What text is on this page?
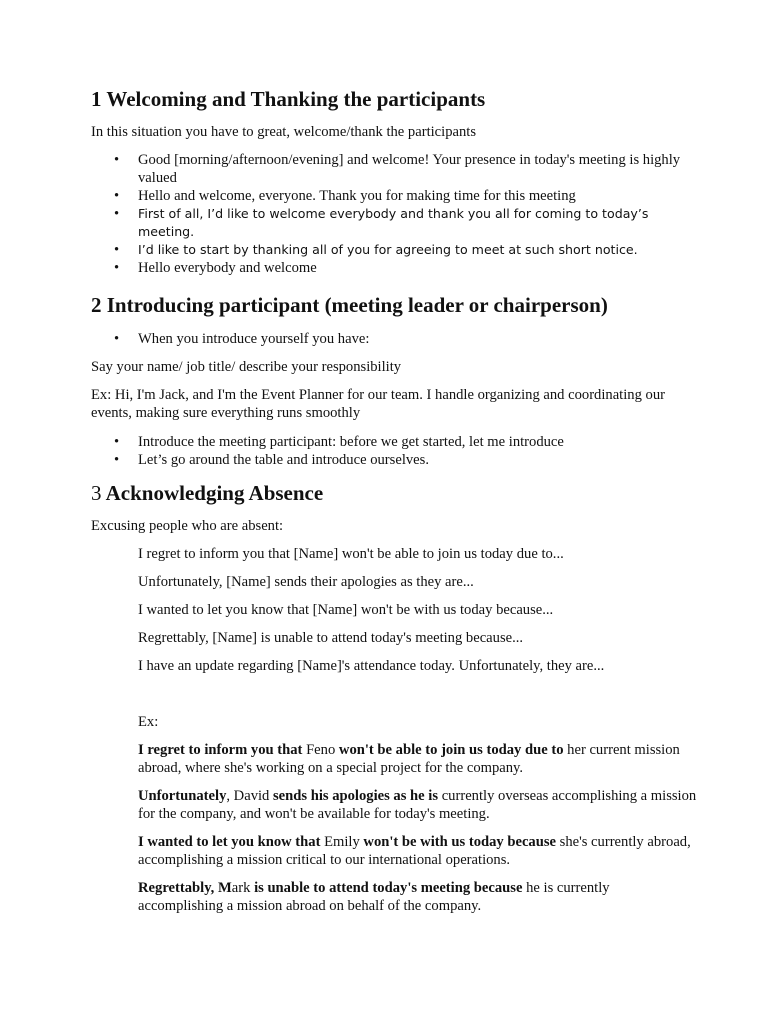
1 Welcoming and Thanking the participants

In this situation you have to great, welcome/thank the participants

• Good [morning/afternoon/evening] and welcome! Your presence in today's meeting is highly valued
• Hello and welcome, everyone. Thank you for making time for this meeting
• First of all, I’d like to welcome everybody and thank you all for coming to today’s meeting.
• I’d like to start by thanking all of you for agreeing to meet at such short notice.
• Hello everybody and welcome
2 Introducing participant (meeting leader or chairperson)
• When you introduce yourself you have:

Say your name/ job title/ describe your responsibility

Ex: Hi, I'm Jack, and I'm the Event Planner for our team. I handle organizing and coordinating our events, making sure everything runs smoothly

• Introduce the meeting participant: before we get started, let me introduce
• Let’s go around the table and introduce ourselves.
3 Acknowledging Absence

Excusing people who are absent:

I regret to inform you that [Name] won't be able to join us today due to...

Unfortunately, [Name] sends their apologies as they are...

I wanted to let you know that [Name] won't be with us today because...

Regrettably, [Name] is unable to attend today's meeting because...

I have an update regarding [Name]'s attendance today. Unfortunately, they are...

Ex:

I regret to inform you that Feno won't be able to join us today due to her current mission abroad, where she's working on a special project for the company.

Unfortunately, David sends his apologies as he is currently overseas accomplishing a mission for the company, and won't be available for today's meeting.

I wanted to let you know that Emily won't be with us today because she's currently abroad, accomplishing a mission critical to our international operations.

Regrettably, Mark is unable to attend today's meeting because he is currently accomplishing a mission abroad on behalf of the company.
